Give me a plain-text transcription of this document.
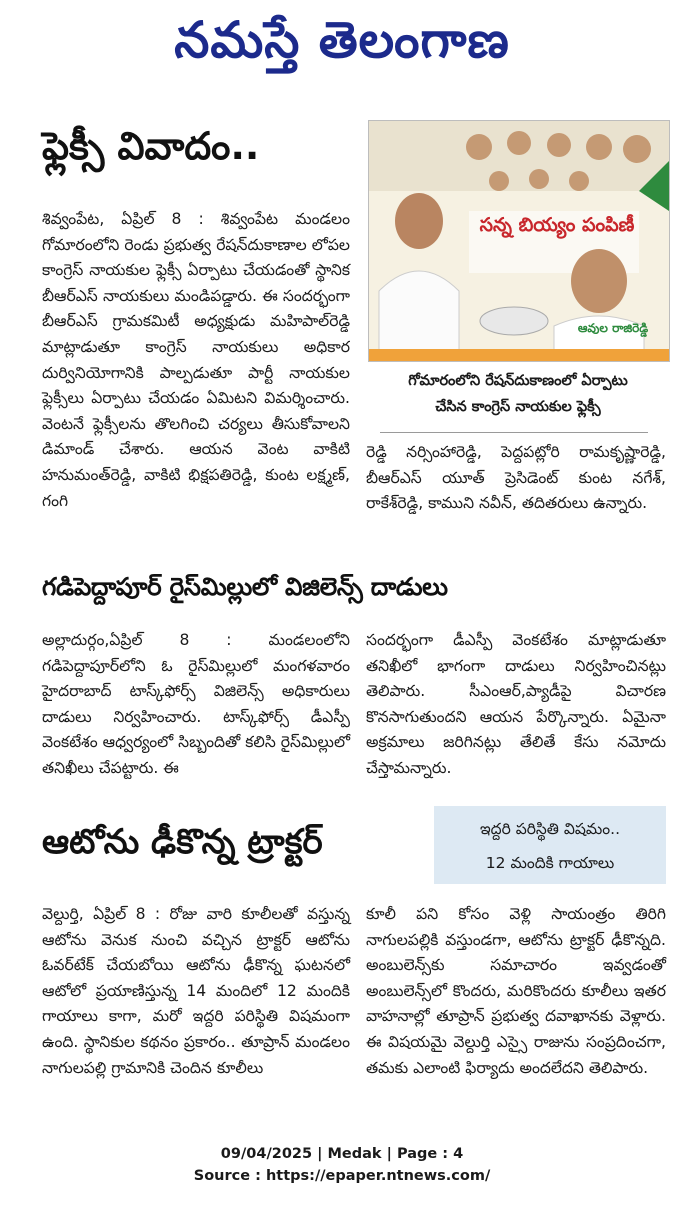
నమస్తే తెలంగాణ
ఫ్లెక్సీ వివాదం..

శివ్వంపేట, ఏప్రిల్ 8 : శివ్వంపేట మండలం గోమారంలోని రెండు ప్రభుత్వ రేషన్‌దుకాణాల లోపల కాంగ్రెస్ నాయకుల ఫ్లెక్సీ ఏర్పాటు చేయడంతో స్థానిక బీఆర్‌ఎస్ నాయకులు మండిపడ్డారు. ఈ సందర్భంగా బీఆర్‌ఎస్ గ్రామకమిటీ అధ్యక్షుడు మహిపాల్‌రెడ్డి మాట్లాడుతూ కాంగ్రెస్ నాయకులు అధికార దుర్వినియోగానికి పాల్పడుతూ పార్టీ నాయకుల ఫ్లెక్సీలు ఏర్పాటు చేయడం ఏమిటని విమర్శించారు. వెంటనే ఫ్లెక్సీలను తొలగించి చర్యలు తీసుకోవాలని డిమాండ్ చేశారు. ఆయన వెంట వాకిటి హనుమంత్‌రెడ్డి, వాకిటి భిక్షపతిరెడ్డి, కుంట లక్ష్మణ్, గంగి

సన్న బియ్యం పంపిణీ
ఆవుల రాజిరెడ్డి
గోమారంలోని రేషన్‌దుకాణంలో ఏర్పాటు
చేసిన కాంగ్రెస్ నాయకుల ఫ్లెక్సీ

రెడ్డి నర్సింహారెడ్డి, పెద్దపట్లోరి రామకృష్ణారెడ్డి, బీఆర్‌ఎస్ యూత్ ప్రెసిడెంట్ కుంట నగేశ్, రాకేశ్‌రెడ్డి, కాముని నవీన్, తదితరులు ఉన్నారు.

గడిపెద్దాపూర్ రైస్‌మిల్లులో విజిలెన్స్ దాడులు

అల్లాదుర్గం,ఏప్రిల్ 8 : మండలంలోని గడిపెద్దాపూర్‌లోని ఓ రైస్‌మిల్లులో మంగళవారం హైదరాబాద్ టాస్క్‌ఫోర్స్ విజిలెన్స్ అధికారులు దాడులు నిర్వహించారు. టాస్క్‌ఫోర్స్ డీఎస్పీ వెంకటేశం ఆధ్వర్యంలో సిబ్బందితో కలిసి రైస్‌మిల్లులో తనిఖీలు చేపట్టారు. ఈ

సందర్భంగా డీఎస్పీ వెంకటేశం మాట్లాడుతూ తనిఖీలో భాగంగా దాడులు నిర్వహించినట్లు తెలిపారు. సీఎంఆర్,ప్యాడీపై విచారణ కొనసాగుతుందని ఆయన పేర్కొన్నారు. ఏమైనా అక్రమాలు జరిగినట్లు తేలితే కేసు నమోదు చేస్తామన్నారు.

ఆటోను ఢీకొన్న ట్రాక్టర్	ఇద్దరి పరిస్థితి విషమం..
12 మందికి గాయాలు

వెల్దుర్తి, ఏప్రిల్ 8 : రోజు వారి కూలీలతో వస్తున్న ఆటోను వెనుక నుంచి వచ్చిన ట్రాక్టర్ ఆటోను ఓవర్‌టేక్ చేయబోయి ఆటోను ఢీకొన్న ఘటనలో ఆటోలో ప్రయాణిస్తున్న 14 మందిలో 12 మందికి గాయాలు కాగా, మరో ఇద్దరి పరిస్థితి విషమంగా ఉంది. స్థానికుల కథనం ప్రకారం.. తూప్రాన్ మండలం నాగులపల్లి గ్రామానికి చెందిన కూలీలు

కూలీ పని కోసం వెళ్లి సాయంత్రం తిరిగి నాగులపల్లికి వస్తుండగా, ఆటోను ట్రాక్టర్ ఢీకొన్నది. అంబులెన్స్‌కు సమాచారం ఇవ్వడంతో అంబులెన్స్‌లో కొందరు, మరికొందరు కూలీలు ఇతర వాహనాల్లో తూప్రాన్ ప్రభుత్వ దవాఖానకు వెళ్లారు. ఈ విషయమై వెల్దుర్తి ఎస్సై రాజును సంప్రదించగా, తమకు ఎలాంటి ఫిర్యాదు అందలేదని తెలిపారు.

09/04/2025 | Medak | Page : 4
Source : https://epaper.ntnews.com/
